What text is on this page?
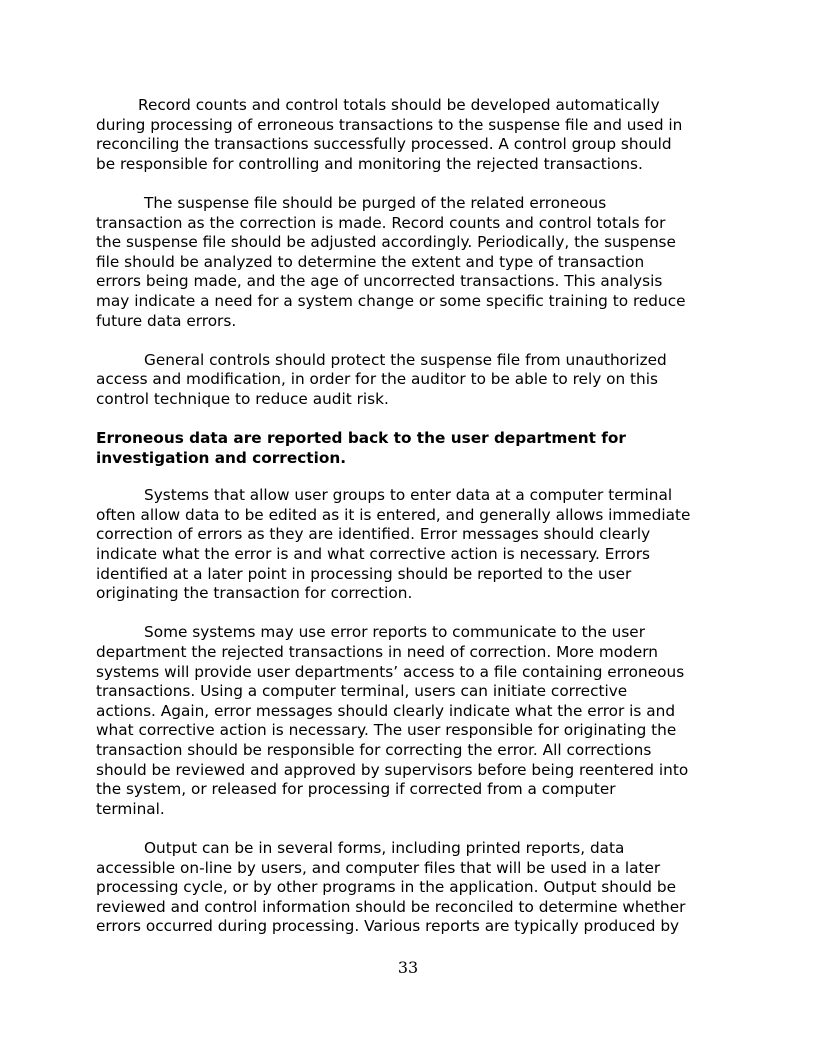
Record counts and control totals should be developed automatically
during processing of erroneous transactions to the suspense file and used in
reconciling the transactions successfully processed. A control group should
be responsible for controlling and monitoring the rejected transactions.

The suspense file should be purged of the related erroneous
transaction as the correction is made. Record counts and control totals for
the suspense file should be adjusted accordingly. Periodically, the suspense
file should be analyzed to determine the extent and type of transaction
errors being made, and the age of uncorrected transactions. This analysis
may indicate a need for a system change or some specific training to reduce
future data errors.

General controls should protect the suspense file from unauthorized
access and modification, in order for the auditor to be able to rely on this
control technique to reduce audit risk.

Erroneous data are reported back to the user department for
investigation and correction.

Systems that allow user groups to enter data at a computer terminal
often allow data to be edited as it is entered, and generally allows immediate
correction of errors as they are identified. Error messages should clearly
indicate what the error is and what corrective action is necessary. Errors
identified at a later point in processing should be reported to the user
originating the transaction for correction.

Some systems may use error reports to communicate to the user
department the rejected transactions in need of correction. More modern
systems will provide user departments’ access to a file containing erroneous
transactions. Using a computer terminal, users can initiate corrective
actions. Again, error messages should clearly indicate what the error is and
what corrective action is necessary. The user responsible for originating the
transaction should be responsible for correcting the error. All corrections
should be reviewed and approved by supervisors before being reentered into
the system, or released for processing if corrected from a computer
terminal.

Output can be in several forms, including printed reports, data
accessible on-line by users, and computer files that will be used in a later
processing cycle, or by other programs in the application. Output should be
reviewed and control information should be reconciled to determine whether
errors occurred during processing. Various reports are typically produced by

33
